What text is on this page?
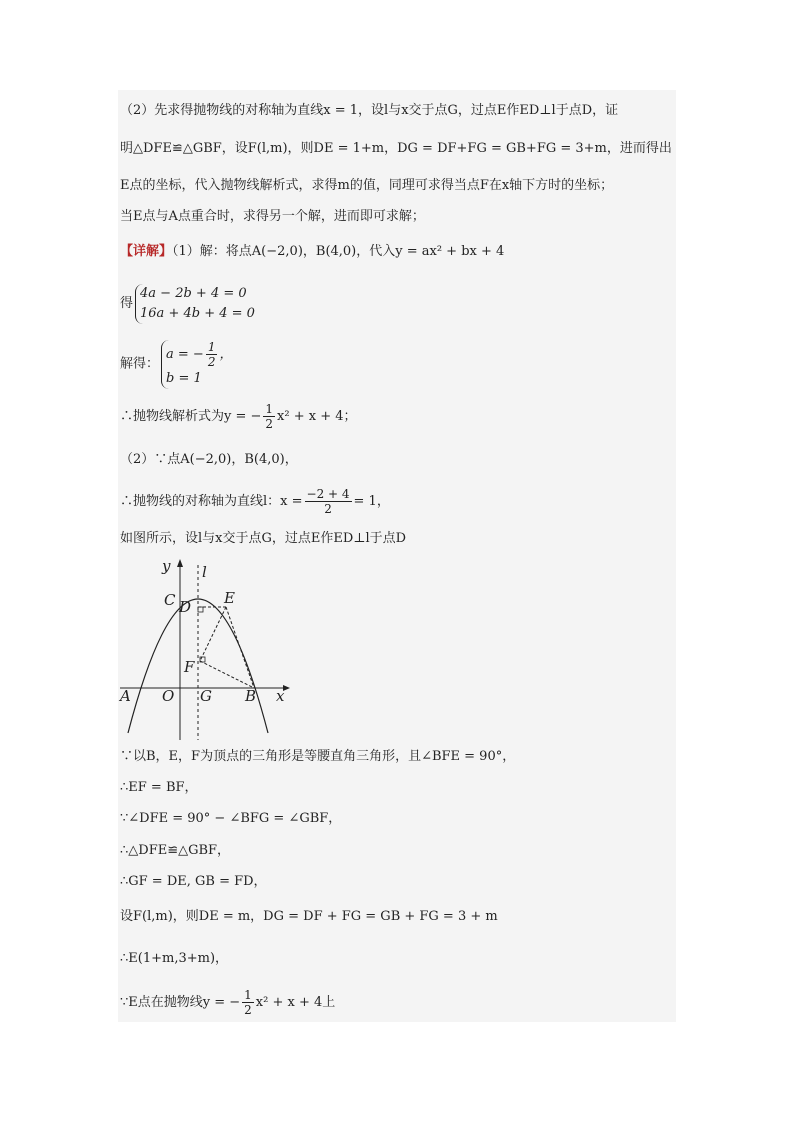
（2）先求得抛物线的对称轴为直线x = 1，设l与x交于点G，过点E作ED⊥l于点D，证
明△DFE≌△GBF，设F(l,m)，则DE = 1+m，DG = DF+FG = GB+FG = 3+m，进而得出
E点的坐标，代入抛物线解析式，求得m的值，同理可求得当点F在x轴下方时的坐标；
当E点与A点重合时，求得另一个解，进而即可求解；
【详解】（1）解：将点A(−2,0)，B(4,0)，代入y = ax² + bx + 4
得
4a − 2b + 4 = 0
16a + 4b + 4 = 0
解得：
a = − $\frac{1}{2}$ ，
b = 1
∴抛物线解析式为y = − $\frac{1}{2} x^2 + x + 4$；
（2）∵点A(−2,0)，B(4,0)，
∴抛物线的对称轴为直线l：$x = \frac{-2 + 4}{2} = 1$，
如图所示，设l与x交于点G，过点E作ED⊥l于点D
y l
C D E
F
A O G B x
∵以B，E，F为顶点的三角形是等腰直角三角形，且∠BFE = 90°，
∴EF = BF，
∵∠DFE = 90° − ∠BFG = ∠GBF，
∴△DFE≌△GBF，
∴GF = DE, GB = FD，
设F(l,m)，则DE = m，DG = DF + FG = GB + FG = 3 + m
∴E(1+m,3+m)，
∵E点在抛物线y = − $\frac{1}{2} x^2 + x + 4$上
